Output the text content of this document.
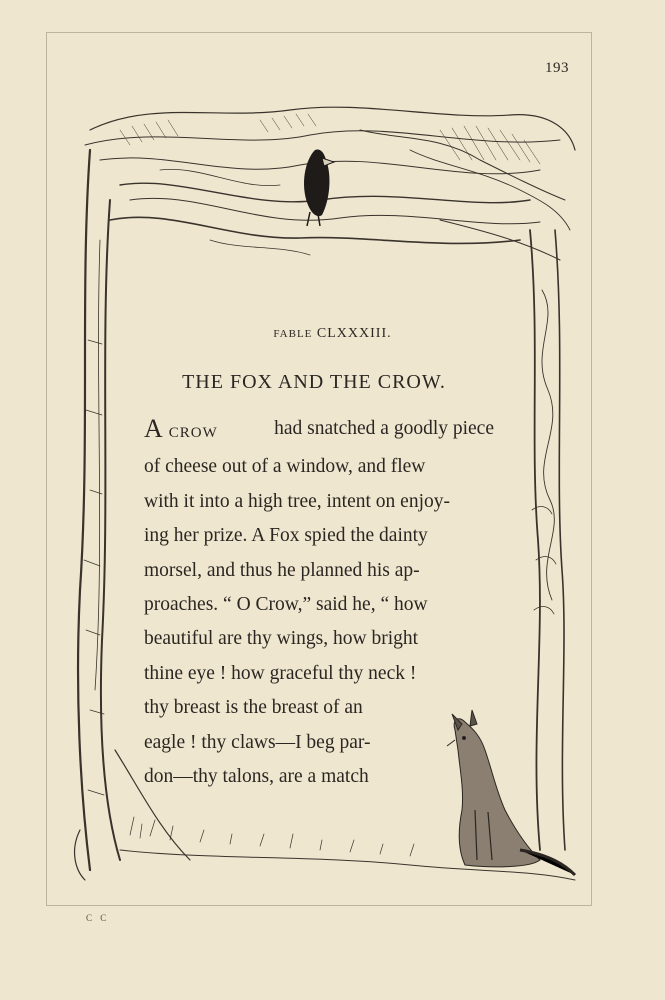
193
FABLE CLXXXIII.
THE FOX AND THE CROW.
A CROW	had snatched a goodly piece
of cheese out of a window, and flew
with it into a high tree, intent on enjoy-
ing her prize. A Fox spied the dainty
morsel, and thus he planned his ap-
proaches. “ O Crow,” said he, “ how
beautiful are thy wings, how bright
thine eye ! how graceful thy neck !
thy breast is the breast of an
eagle ! thy claws—I beg par-
don—thy talons, are a match
C C
